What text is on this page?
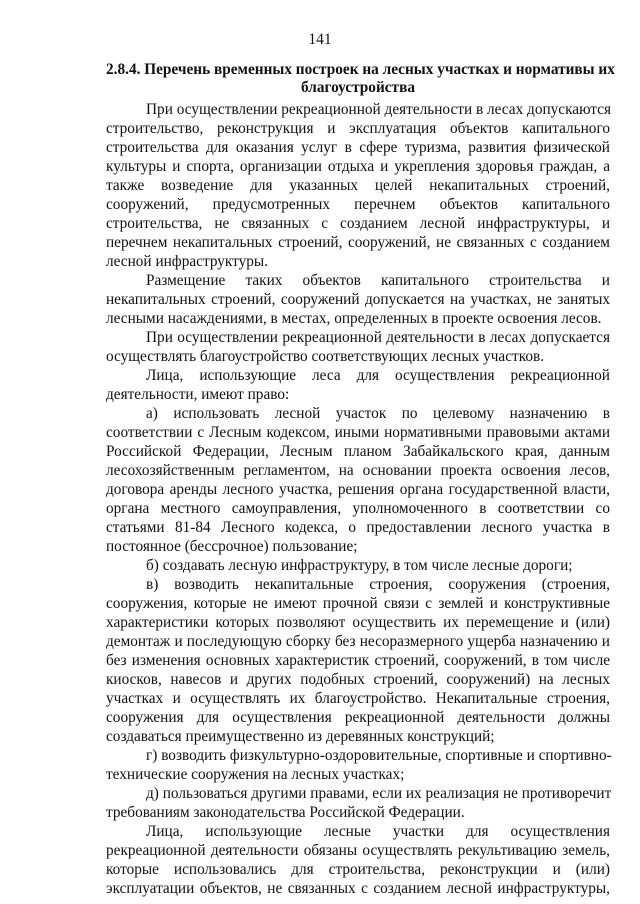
141
2.8.4. Перечень временных построек на лесных участках и нормативы их
благоустройства
При осуществлении рекреационной деятельности в лесах допускаются
строительство, реконструкция и эксплуатация объектов капитального
строительства для оказания услуг в сфере туризма, развития физической
культуры и спорта, организации отдыха и укрепления здоровья граждан, а
также возведение для указанных целей некапитальных строений,
сооружений, предусмотренных перечнем объектов капитального
строительства, не связанных с созданием лесной инфраструктуры, и
перечнем некапитальных строений, сооружений, не связанных с созданием
лесной инфраструктуры.
Размещение таких объектов капитального строительства и
некапитальных строений, сооружений допускается на участках, не занятых
лесными насаждениями, в местах, определенных в проекте освоения лесов.
При осуществлении рекреационной деятельности в лесах допускается
осуществлять благоустройство соответствующих лесных участков.
Лица, использующие леса для осуществления рекреационной
деятельности, имеют право:
а) использовать лесной участок по целевому назначению в
соответствии с Лесным кодексом, иными нормативными правовыми актами
Российской Федерации, Лесным планом Забайкальского края, данным
лесохозяйственным регламентом, на основании проекта освоения лесов,
договора аренды лесного участка, решения органа государственной власти,
органа местного самоуправления, уполномоченного в соответствии со
статьями 81-84 Лесного кодекса, о предоставлении лесного участка в
постоянное (бессрочное) пользование;
б) создавать лесную инфраструктуру, в том числе лесные дороги;
в) возводить некапитальные строения, сооружения (строения,
сооружения, которые не имеют прочной связи с землей и конструктивные
характеристики которых позволяют осуществить их перемещение и (или)
демонтаж и последующую сборку без несоразмерного ущерба назначению и
без изменения основных характеристик строений, сооружений, в том числе
киосков, навесов и других подобных строений, сооружений) на лесных
участках и осуществлять их благоустройство. Некапитальные строения,
сооружения для осуществления рекреационной деятельности должны
создаваться преимущественно из деревянных конструкций;
г) возводить физкультурно-оздоровительные, спортивные и спортивно-
технические сооружения на лесных участках;
д) пользоваться другими правами, если их реализация не противоречит
требованиям законодательства Российской Федерации.
Лица, использующие лесные участки для осуществления
рекреационной деятельности обязаны осуществлять рекультивацию земель,
которые использовались для строительства, реконструкции и (или)
эксплуатации объектов, не связанных с созданием лесной инфраструктуры,
